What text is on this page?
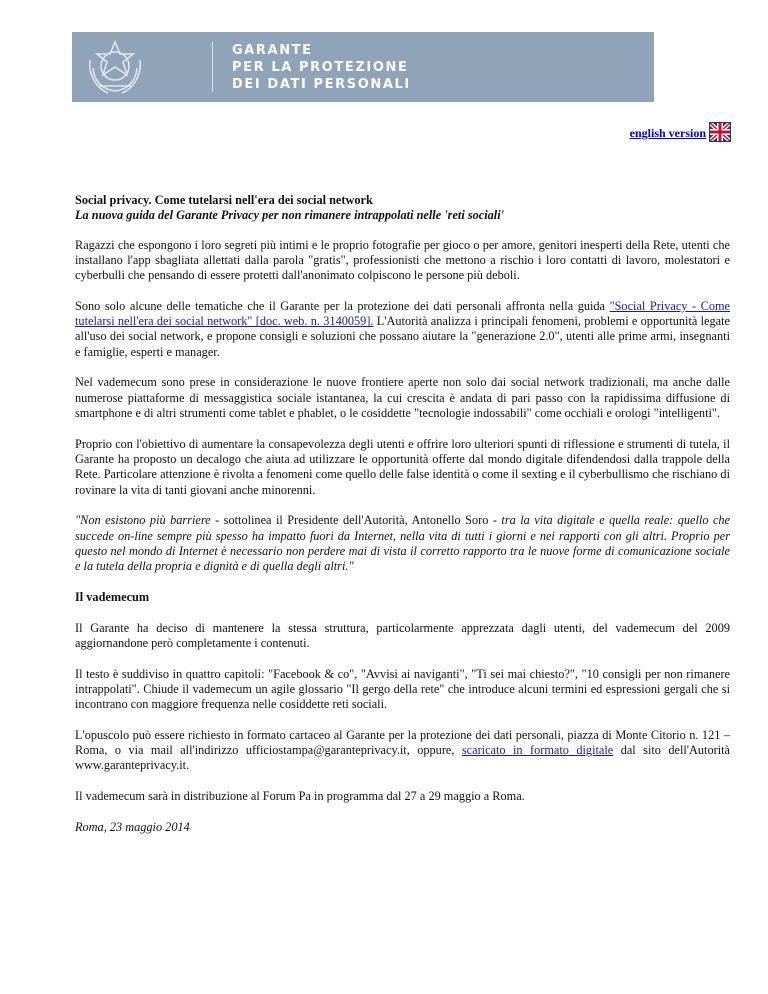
GARANTE
PER LA PROTEZIONE
DEI DATI PERSONALI
english version

Social privacy. Come tutelarsi nell'era dei social network
La nuova guida del Garante Privacy per non rimanere intrappolati nelle 'reti sociali'

Ragazzi che espongono i loro segreti più intimi e le proprio fotografie per gioco o per amore, genitori inesperti della Rete, utenti che installano l'app sbagliata allettati dalla parola "gratis", professionisti che mettono a rischio i loro contatti di lavoro, molestatori e cyberbulli che pensando di essere protetti dall'anonimato colpiscono le persone più deboli.

Sono solo alcune delle tematiche che il Garante per la protezione dei dati personali affronta nella guida "Social Privacy - Come tutelarsi nell'era dei social network" [doc. web. n. 3140059]. L'Autorità analizza i principali fenomeni, problemi e opportunità legate all'uso dei social network, e propone consigli e soluzioni che possano aiutare la "generazione 2.0", utenti alle prime armi, insegnanti e famiglie, esperti e manager.

Nel vademecum sono prese in considerazione le nuove frontiere aperte non solo dai social network tradizionali, ma anche dalle numerose piattaforme di messaggistica sociale istantanea, la cui crescita è andata di pari passo con la rapidissima diffusione di smartphone e di altri strumenti come tablet e phablet, o le cosiddette "tecnologie indossabili" come occhiali e orologi "intelligenti".

Proprio con l'obiettivo di aumentare la consapevolezza degli utenti e offrire loro ulteriori spunti di riflessione e strumenti di tutela, il Garante ha proposto un decalogo che aiuta ad utilizzare le opportunità offerte dal mondo digitale difendendosi dalla trappole della Rete. Particolare attenzione è rivolta a fenomeni come quello delle false identità o come il sexting e il cyberbullismo che rischiano di rovinare la vita di tanti giovani anche minorenni.

"Non esistono più barriere - sottolinea il Presidente dell'Autorità, Antonello Soro - tra la vita digitale e quella reale: quello che succede on-line sempre più spesso ha impatto fuori da Internet, nella vita di tutti i giorni e nei rapporti con gli altri. Proprio per questo nel mondo di Internet è necessario non perdere mai di vista il corretto rapporto tra le nuove forme di comunicazione sociale e la tutela della propria e dignità e di quella degli altri."

Il vademecum

Il Garante ha deciso di mantenere la stessa struttura, particolarmente apprezzata dagli utenti, del vademecum del 2009 aggiornandone però completamente i contenuti.

Il testo è suddiviso in quattro capitoli: "Facebook & co", "Avvisi ai naviganti", "Ti sei mai chiesto?", "10 consigli per non rimanere intrappolati". Chiude il vademecum un agile glossario "Il gergo della rete" che introduce alcuni termini ed espressioni gergali che si incontrano con maggiore frequenza nelle cosiddette reti sociali.

L'opuscolo può essere richiesto in formato cartaceo al Garante per la protezione dei dati personali, piazza di Monte Citorio n. 121 – Roma, o via mail all'indirizzo ufficiostampa@garanteprivacy.it, oppure, scaricato in formato digitale dal sito dell'Autorità www.garanteprivacy.it.

Il vademecum sarà in distribuzione al Forum Pa in programma dal 27 a 29 maggio a Roma.

Roma, 23 maggio 2014
